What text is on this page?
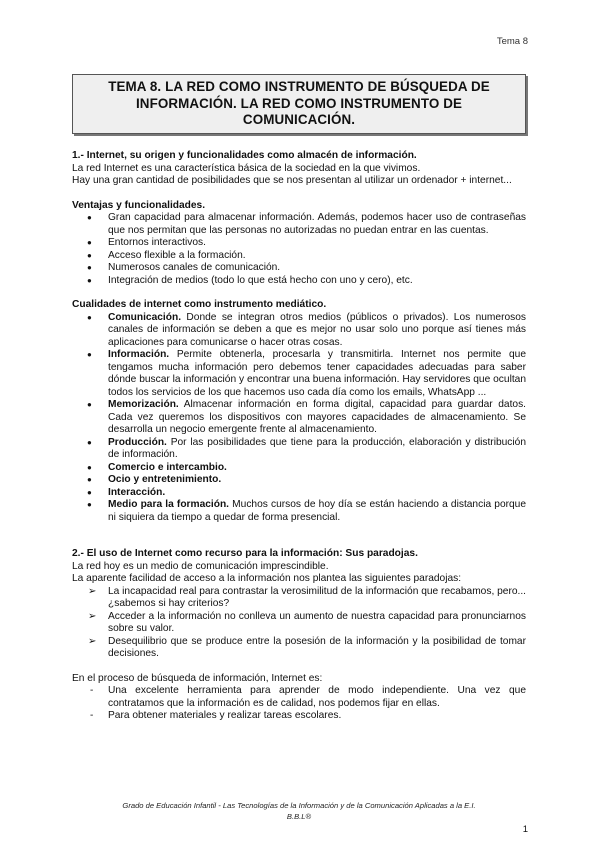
Tema 8
TEMA 8. LA RED COMO INSTRUMENTO DE BÚSQUEDA DE INFORMACIÓN. LA RED COMO INSTRUMENTO DE COMUNICACIÓN.

1.- Internet, su origen y funcionalidades como almacén de información.

La red Internet es una característica básica de la sociedad en la que vivimos.

Hay una gran cantidad de posibilidades que se nos presentan al utilizar un ordenador + internet...

Ventajas y funcionalidades.

● Gran capacidad para almacenar información. Además, podemos hacer uso de contraseñas que nos permitan que las personas no autorizadas no puedan entrar en las cuentas.
● Entornos interactivos.
● Acceso flexible a la formación.
● Numerosos canales de comunicación.
● Integración de medios (todo lo que está hecho con uno y cero), etc.

Cualidades de internet como instrumento mediático.

● Comunicación. Donde se integran otros medios (públicos o privados). Los numerosos canales de información se deben a que es mejor no usar solo uno porque así tienes más aplicaciones para comunicarse o hacer otras cosas.
● Información. Permite obtenerla, procesarla y transmitirla. Internet nos permite que tengamos mucha información pero debemos tener capacidades adecuadas para saber dónde buscar la información y encontrar una buena información. Hay servidores que ocultan todos los servicios de los que hacemos uso cada día como los emails, WhatsApp ...
● Memorización. Almacenar información en forma digital, capacidad para guardar datos. Cada vez queremos los dispositivos con mayores capacidades de almacenamiento. Se desarrolla un negocio emergente frente al almacenamiento.
● Producción. Por las posibilidades que tiene para la producción, elaboración y distribución de información.
● Comercio e intercambio.
● Ocio y entretenimiento.
● Interacción.
● Medio para la formación. Muchos cursos de hoy día se están haciendo a distancia porque ni siquiera da tiempo a quedar de forma presencial.

2.- El uso de Internet como recurso para la información: Sus paradojas.

La red hoy es un medio de comunicación imprescindible.

La aparente facilidad de acceso a la información nos plantea las siguientes paradojas:

➢ La incapacidad real para contrastar la verosimilitud de la información que recabamos, pero... ¿sabemos si hay criterios?
➢ Acceder a la información no conlleva un aumento de nuestra capacidad para pronunciarnos sobre su valor.
➢ Desequilibrio que se produce entre la posesión de la información y la posibilidad de tomar decisiones.

En el proceso de búsqueda de información, Internet es:

- Una excelente herramienta para aprender de modo independiente. Una vez que contratamos que la información es de calidad, nos podemos fijar en ellas.
- Para obtener materiales y realizar tareas escolares.
Grado de Educación Infantil - Las Tecnologías de la Información y de la Comunicación Aplicadas a la E.I.
B.B.L®
1
